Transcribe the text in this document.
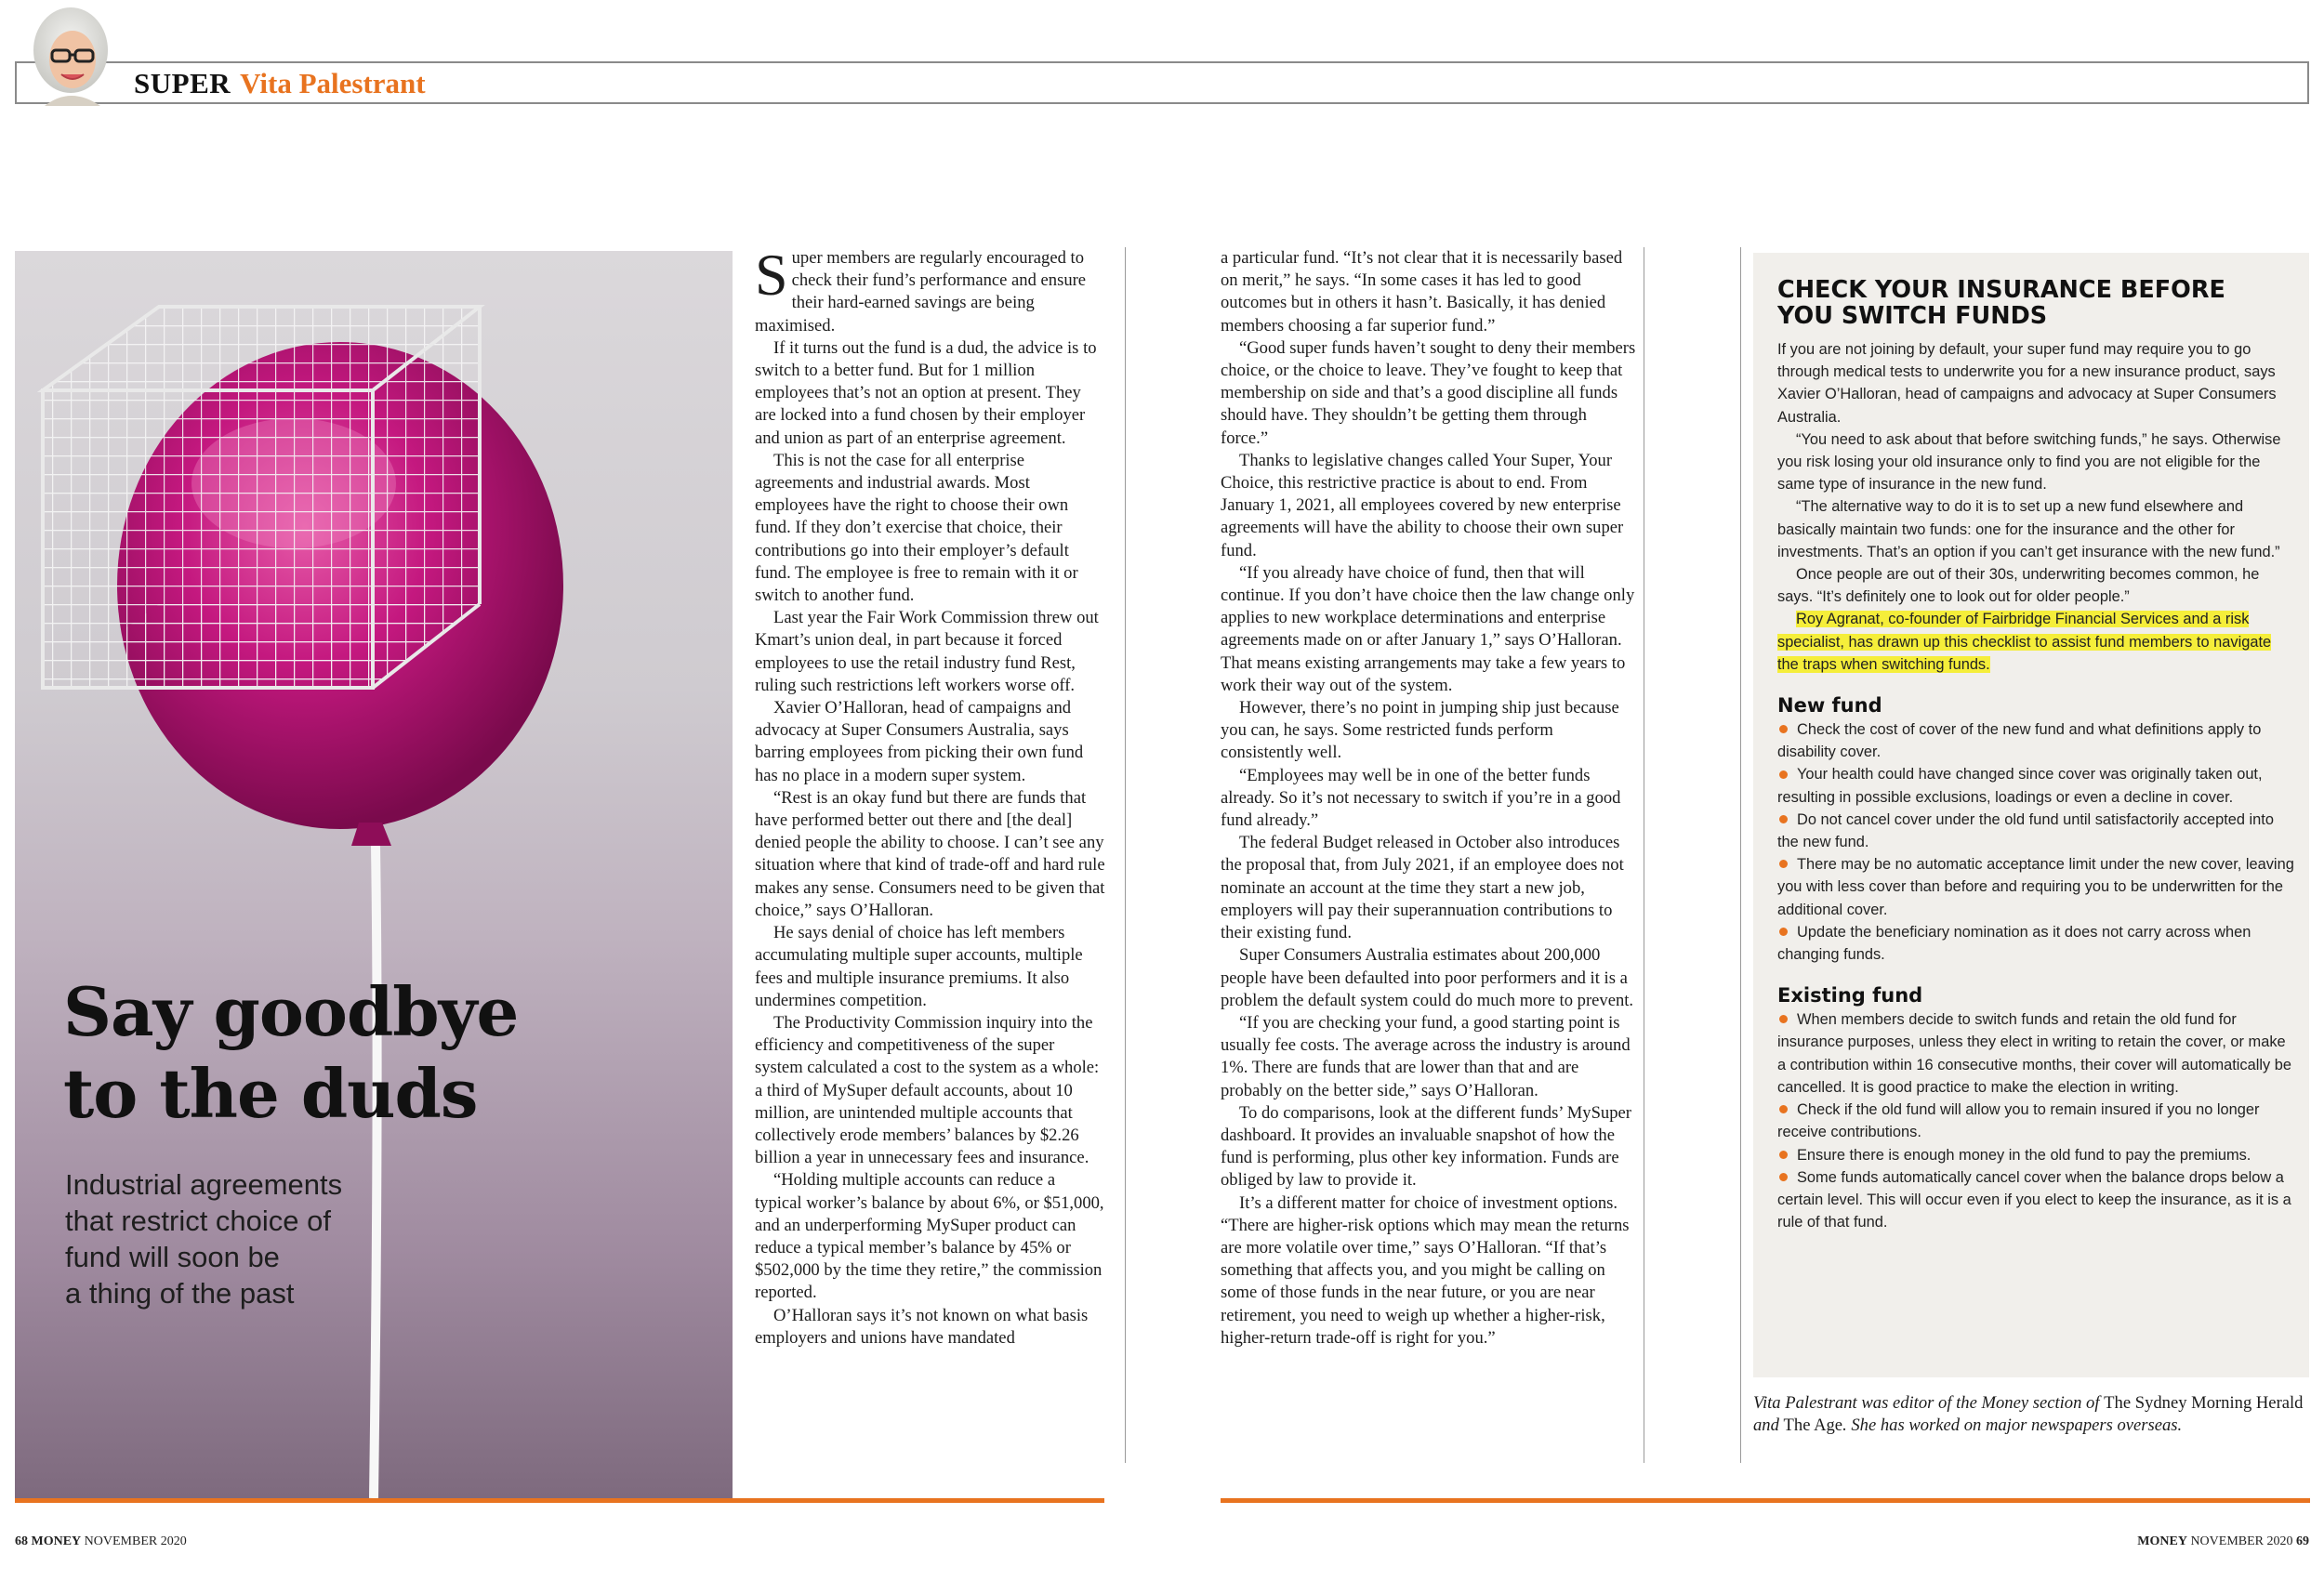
SUPER Vita Palestrant
Say goodbye
to the duds
Industrial agreements
that restrict choice of
fund will soon be
a thing of the past
S uper members are regularly encouraged to check their fund’s performance and ensure their hard-earned savings are being maximised.

If it turns out the fund is a dud, the advice is to switch to a better fund. But for 1 million employees that’s not an option at present. They are locked into a fund chosen by their employer and union as part of an enterprise agreement.

This is not the case for all enterprise agreements and industrial awards. Most employees have the right to choose their own fund. If they don’t exercise that choice, their contributions go into their employer’s default fund. The employee is free to remain with it or switch to another fund.

Last year the Fair Work Commission threw out Kmart’s union deal, in part because it forced employees to use the retail industry fund Rest, ruling such restrictions left workers worse off.

Xavier O’Halloran, head of campaigns and advocacy at Super Consumers Australia, says barring employees from picking their own fund has no place in a modern super system.

“Rest is an okay fund but there are funds that have performed better out there and [the deal] denied people the ability to choose. I can’t see any situation where that kind of trade-off and hard rule makes any sense. Consumers need to be given that choice,” says O’Halloran.

He says denial of choice has left members accumulating multiple super accounts, multiple fees and multiple insurance premiums. It also undermines competition.

The Productivity Commission inquiry into the efficiency and competitiveness of the super system calculated a cost to the system as a whole: a third of MySuper default accounts, about 10 million, are unintended multiple accounts that collectively erode members’ balances by $2.26 billion a year in unnecessary fees and insurance.

“Holding multiple accounts can reduce a typical worker’s balance by about 6%, or $51,000, and an underperforming MySuper product can reduce a typical member’s balance by 45% or $502,000 by the time they retire,” the commission reported.

O’Halloran says it’s not known on what basis employers and unions have mandated

a particular fund. “It’s not clear that it is necessarily based on merit,” he says. “In some cases it has led to good outcomes but in others it hasn’t. Basically, it has denied members choosing a far superior fund.”

“Good super funds haven’t sought to deny their members choice, or the choice to leave. They’ve fought to keep that membership on side and that’s a good discipline all funds should have. They shouldn’t be getting them through force.”

Thanks to legislative changes called Your Super, Your Choice, this restrictive practice is about to end. From January 1, 2021, all employees covered by new enterprise agreements will have the ability to choose their own super fund.

“If you already have choice of fund, then that will continue. If you don’t have choice then the law change only applies to new workplace determinations and enterprise agreements made on or after January 1,” says O’Halloran. That means existing arrangements may take a few years to work their way out of the system.

However, there’s no point in jumping ship just because you can, he says. Some restricted funds perform consistently well.

“Employees may well be in one of the better funds already. So it’s not necessary to switch if you’re in a good fund already.”

The federal Budget released in October also introduces the proposal that, from July 2021, if an employee does not nominate an account at the time they start a new job, employers will pay their superannuation contributions to their existing fund.

Super Consumers Australia estimates about 200,000 people have been defaulted into poor performers and it is a problem the default system could do much more to prevent.

“If you are checking your fund, a good starting point is usually fee costs. The average across the industry is around 1%. There are funds that are lower than that and are probably on the better side,” says O’Halloran.

To do comparisons, look at the different funds’ MySuper dashboard. It provides an invaluable snapshot of how the fund is performing, plus other key information. Funds are obliged by law to provide it.

It’s a different matter for choice of investment options. “There are higher-risk options which may mean the returns are more volatile over time,” says O’Halloran. “If that’s something that affects you, and you might be calling on some of those funds in the near future, or you are near retirement, you need to weigh up whether a higher-risk, higher-return trade-off is right for you.”

CHECK YOUR INSURANCE BEFORE YOU SWITCH FUNDS

If you are not joining by default, your super fund may require you to go through medical tests to underwrite you for a new insurance product, says Xavier O’Halloran, head of campaigns and advocacy at Super Consumers Australia.

“You need to ask about that before switching funds,” he says. Otherwise you risk losing your old insurance only to find you are not eligible for the same type of insurance in the new fund.

“The alternative way to do it is to set up a new fund elsewhere and basically maintain two funds: one for the insurance and the other for investments. That’s an option if you can’t get insurance with the new fund.”

Once people are out of their 30s, underwriting becomes common, he says. “It’s definitely one to look out for older people.”

Roy Agranat, co-founder of Fairbridge Financial Services and a risk specialist, has drawn up this checklist to assist fund members to navigate the traps when switching funds.

New fund
Check the cost of cover of the new fund and what definitions apply to disability cover.
Your health could have changed since cover was originally taken out, resulting in possible exclusions, loadings or even a decline in cover.
Do not cancel cover under the old fund until satisfactorily accepted into the new fund.
There may be no automatic acceptance limit under the new cover, leaving you with less cover than before and requiring you to be underwritten for the additional cover.
Update the beneficiary nomination as it does not carry across when changing funds.
Existing fund
When members decide to switch funds and retain the old fund for insurance purposes, unless they elect in writing to retain the cover, or make a contribution within 16 consecutive months, their cover will automatically be cancelled. It is good practice to make the election in writing.
Check if the old fund will allow you to remain insured if you no longer receive contributions.
Ensure there is enough money in the old fund to pay the premiums.
Some funds automatically cancel cover when the balance drops below a certain level. This will occur even if you elect to keep the insurance, as it is a rule of that fund.
Vita Palestrant was editor of the Money section of The Sydney Morning Herald and The Age. She has worked on major newspapers overseas.
68 MONEY NOVEMBER 2020	MONEY NOVEMBER 2020 69
